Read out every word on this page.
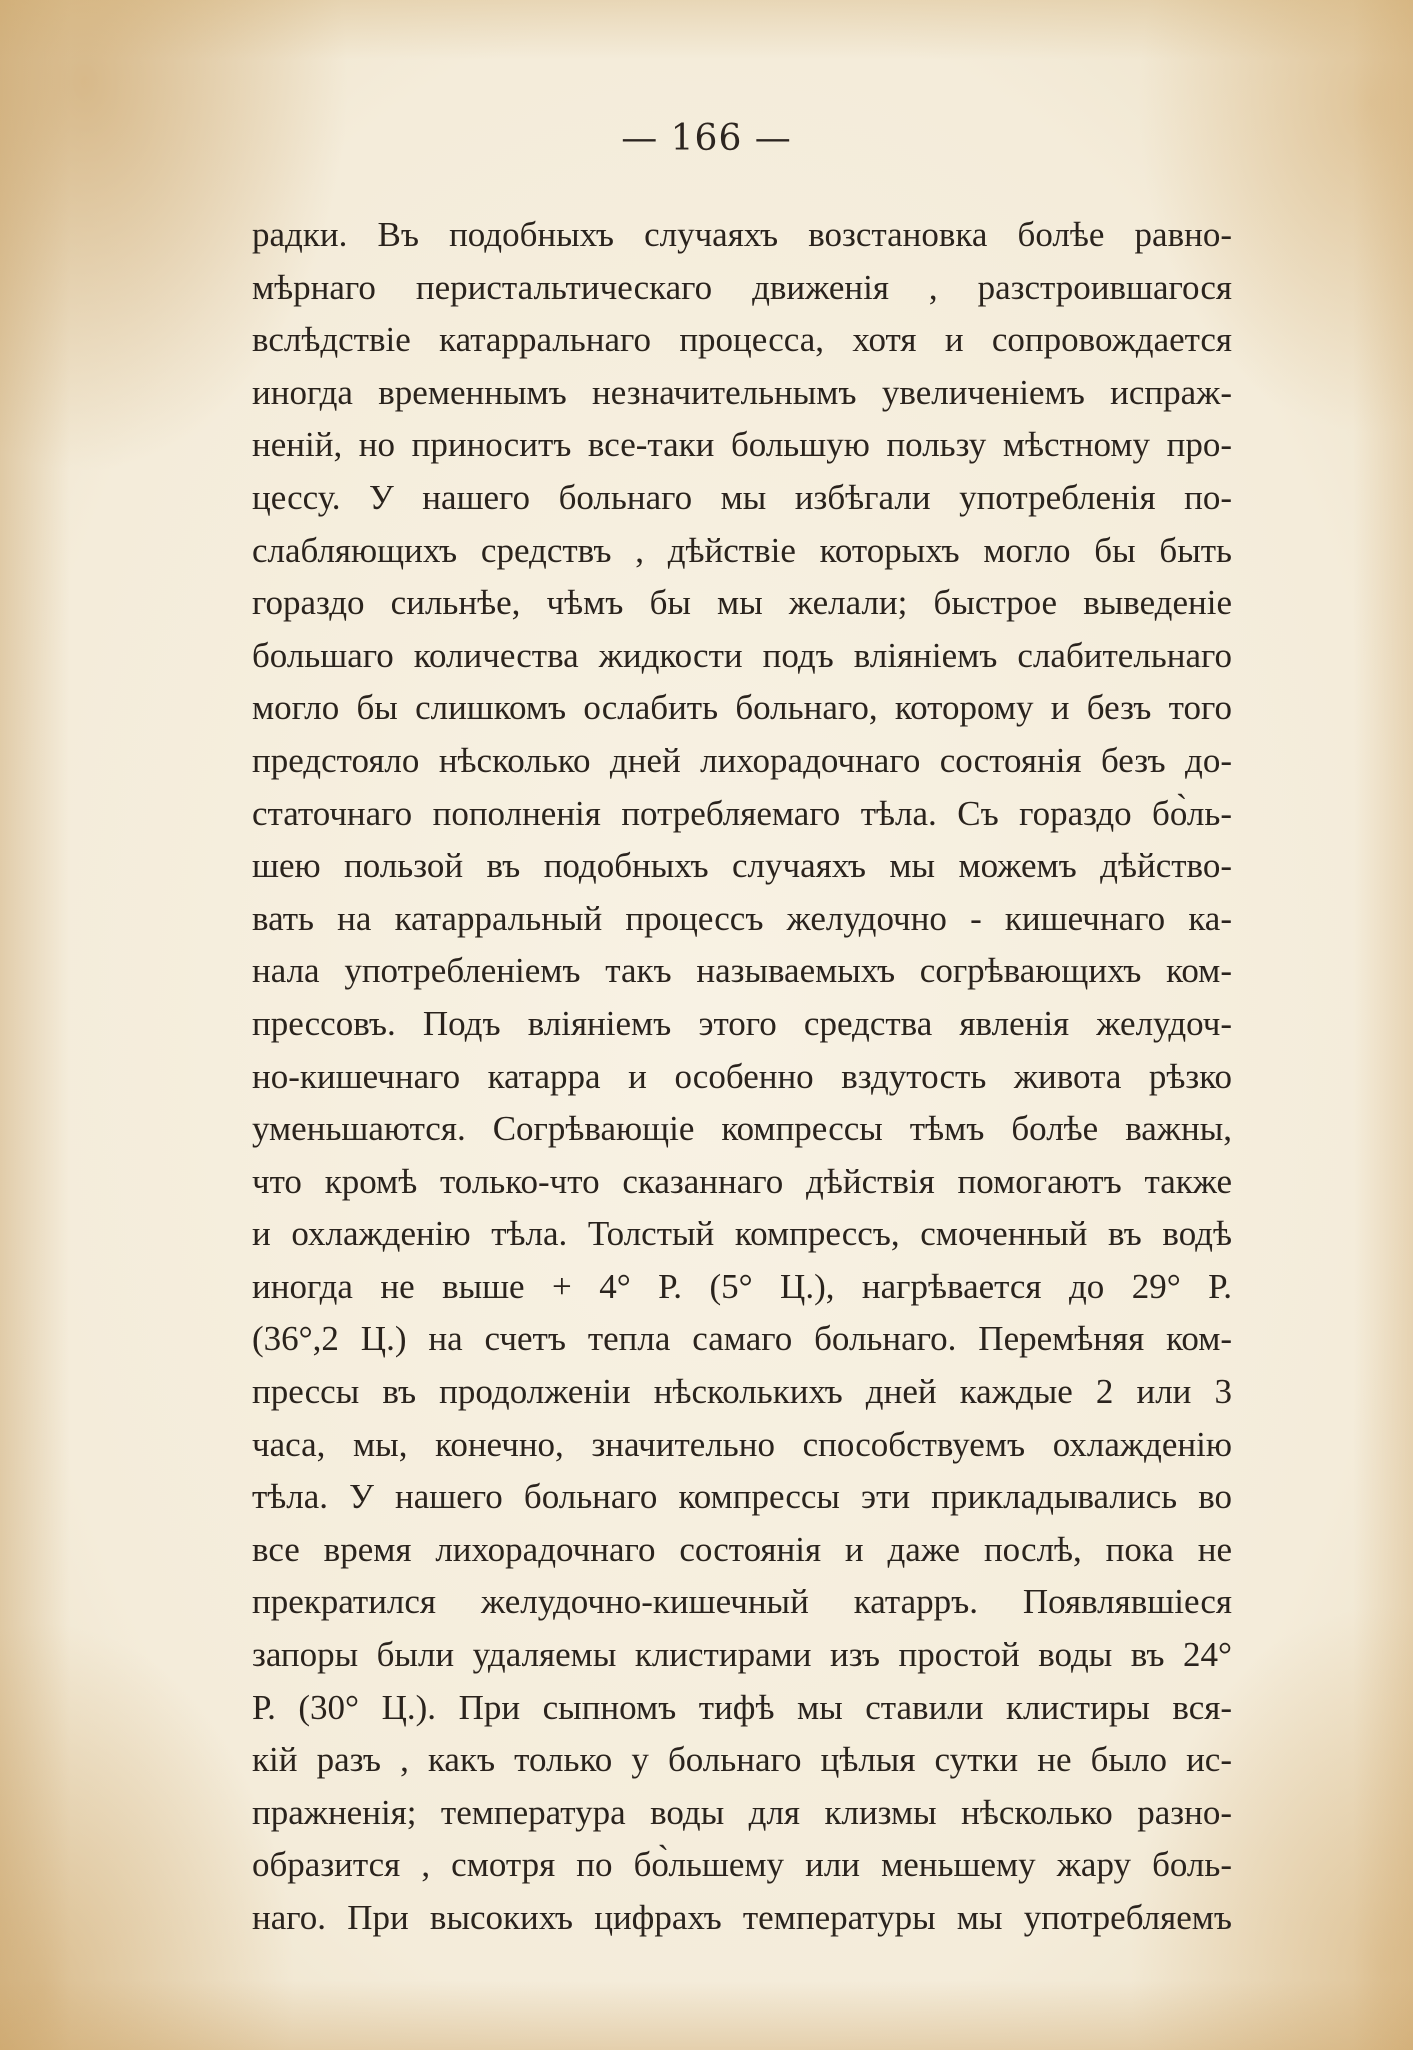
— 166 —
радки. Въ подобныхъ случаяхъ возстановка болѣе равно-
мѣрнаго перистальтическаго движенія , разстроившагося
вслѣдствіе катарральнаго процесса, хотя и сопровождается
иногда временнымъ незначительнымъ увеличеніемъ испраж-
неній, но приноситъ все-таки большую пользу мѣстному про-
цессу. У нашего больнаго мы избѣгали употребленія по-
слабляющихъ средствъ , дѣйствіе которыхъ могло бы быть
гораздо сильнѣе, чѣмъ бы мы желали; быстрое выведеніе
большаго количества жидкости подъ вліяніемъ слабительнаго
могло бы слишкомъ ослабить больнаго, которому и безъ того
предстояло нѣсколько дней лихорадочнаго состоянія безъ до-
статочнаго пополненія потребляемаго тѣла. Съ гораздо бо̀ль-
шею пользой въ подобныхъ случаяхъ мы можемъ дѣйство-
вать на катарральный процессъ желудочно - кишечнаго ка-
нала употребленіемъ такъ называемыхъ согрѣвающихъ ком-
прессовъ. Подъ вліяніемъ этого средства явленія желудоч-
но-кишечнаго катарра и особенно вздутость живота рѣзко
уменьшаются. Согрѣвающіе компрессы тѣмъ болѣе важны,
что кромѣ только-что сказаннаго дѣйствія помогаютъ также
и охлажденію тѣла. Толстый компрессъ, смоченный въ водѣ
иногда не выше + 4° Р. (5° Ц.), нагрѣвается до 29° Р.
(36°,2 Ц.) на счетъ тепла самаго больнаго. Перемѣняя ком-
прессы въ продолженіи нѣсколькихъ дней каждые 2 или 3
часа, мы, конечно, значительно способствуемъ охлажденію
тѣла. У нашего больнаго компрессы эти прикладывались во
все время лихорадочнаго состоянія и даже послѣ, пока не
прекратился желудочно-кишечный катарръ. Появлявшіеся
запоры были удаляемы клистирами изъ простой воды въ 24°
Р. (30° Ц.). При сыпномъ тифѣ мы ставили клистиры вся-
кій разъ , какъ только у больнаго цѣлыя сутки не было ис-
пражненія; температура воды для клизмы нѣсколько разно-
образится , смотря по бо̀льшему или меньшему жару боль-
наго. При высокихъ цифрахъ температуры мы употребляемъ
